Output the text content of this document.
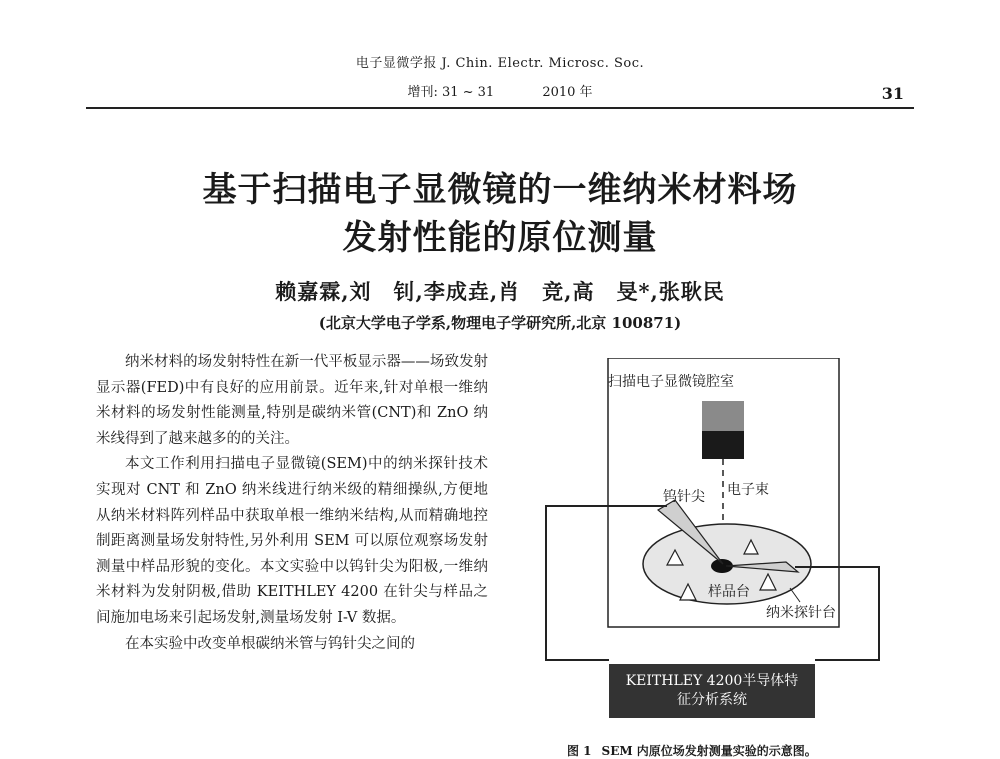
电子显微学报 J. Chin. Electr. Microsc. Soc.
增刊: 31 ~ 31	2010 年	31
基于扫描电子显微镜的一维纳米材料场
发射性能的原位测量
赖嘉霖,刘　钊,李成垚,肖　竞,高　旻*,张耿民
(北京大学电子学系,物理电子学研究所,北京 100871)

纳米材料的场发射特性在新一代平板显示器——场致发射显示器(FED)中有良好的应用前景。近年来,针对单根一维纳米材料的场发射性能测量,特别是碳纳米管(CNT)和 ZnO 纳米线得到了越来越多的的关注。

本文工作利用扫描电子显微镜(SEM)中的纳米探针技术实现对 CNT 和 ZnO 纳米线进行纳米级的精细操纵,方便地从纳米材料阵列样品中获取单根一维纳米结构,从而精确地控制距离测量场发射特性,另外利用 SEM 可以原位观察场发射测量中样品形貌的变化。本文实验中以钨针尖为阳极,一维纳米材料为发射阴极,借助 KEITHLEY 4200 在针尖与样品之间施加电场来引起场发射,测量场发射 I-V 数据。

在本实验中改变单根碳纳米管与钨针尖之间的

扫描电子显微镜腔室
钨针尖 电子束
样品台
纳米探针台
KEITHLEY 4200半导体特
征分析系统
图 1 SEM 内原位场发射测量实验的示意图。
